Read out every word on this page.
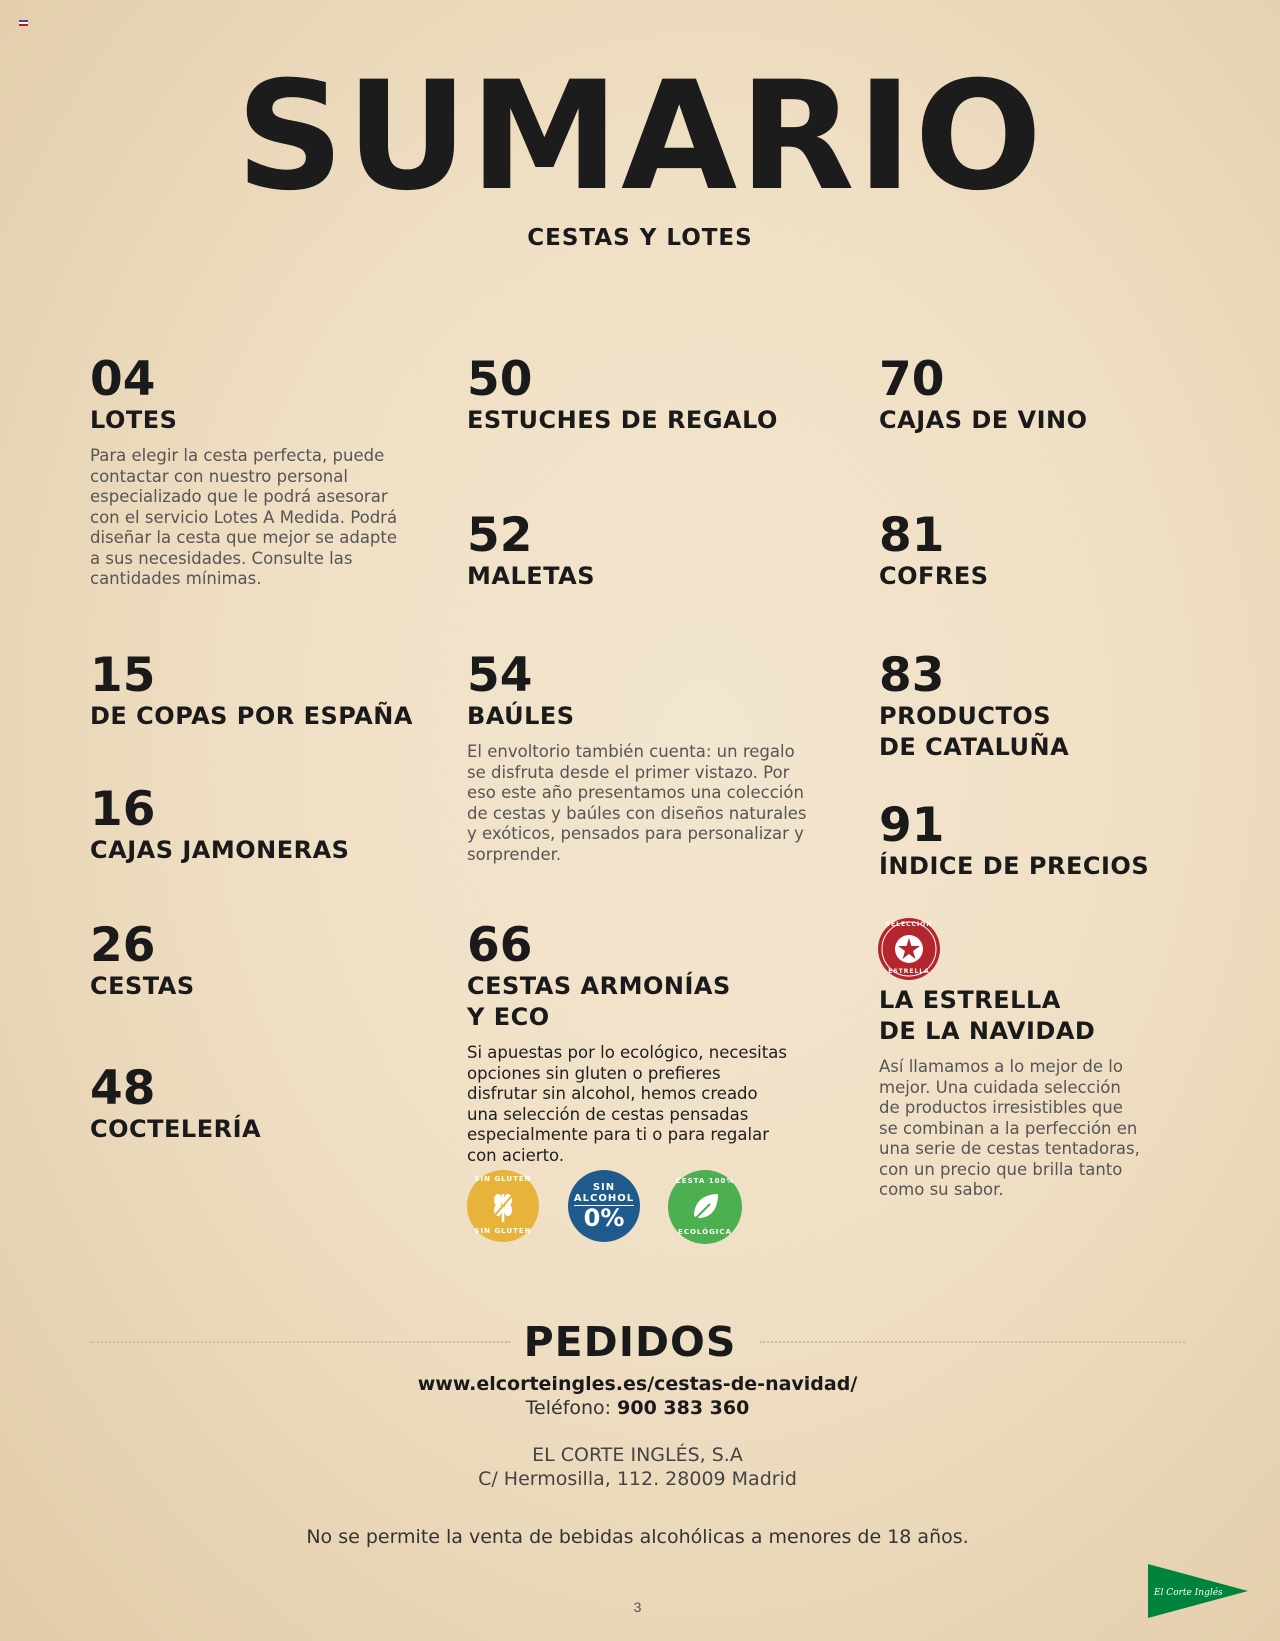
SUMARIO
CESTAS Y LOTES
04
LOTES
Para elegir la cesta perfecta, puede contactar con nuestro personal especializado que le podrá asesorar con el servicio Lotes A Medida. Podrá diseñar la cesta que mejor se adapte a sus necesidades. Consulte las cantidades mínimas.
15
DE COPAS POR ESPAÑA
16
CAJAS JAMONERAS
26
CESTAS
48
COCTELERÍA
50
ESTUCHES DE REGALO
52
MALETAS
54
BAÚLES
El envoltorio también cuenta: un regalo se disfruta desde el primer vistazo. Por eso este año presentamos una colección de cestas y baúles con diseños naturales y exóticos, pensados para personalizar y sorprender.
66
CESTAS ARMONÍAS
Y ECO
Si apuestas por lo ecológico, necesitas opciones sin gluten o prefieres disfrutar sin alcohol, hemos creado una selección de cestas pensadas especialmente para ti o para regalar con acierto.
SIN GLUTEN
SIN GLUTEN
SIN
ALCOHOL
0%
CESTA 100%
ECOLÓGICA
70
CAJAS DE VINO
81
COFRES
83
PRODUCTOS
DE CATALUÑA
91
ÍNDICE DE PRECIOS
SELECCIÓN
ESTRELLA
LA ESTRELLA
DE LA NAVIDAD
Así llamamos a lo mejor de lo mejor. Una cuidada selección de productos irresistibles que se combinan a la perfección en una serie de cestas tentadoras, con un precio que brilla tanto como su sabor.
PEDIDOS
www.elcorteingles.es/cestas-de-navidad/
Teléfono: 900 383 360
EL CORTE INGLÉS, S.A
C/ Hermosilla, 112. 28009 Madrid
No se permite la venta de bebidas alcohólicas a menores de 18 años.
3
El Corte Inglés
